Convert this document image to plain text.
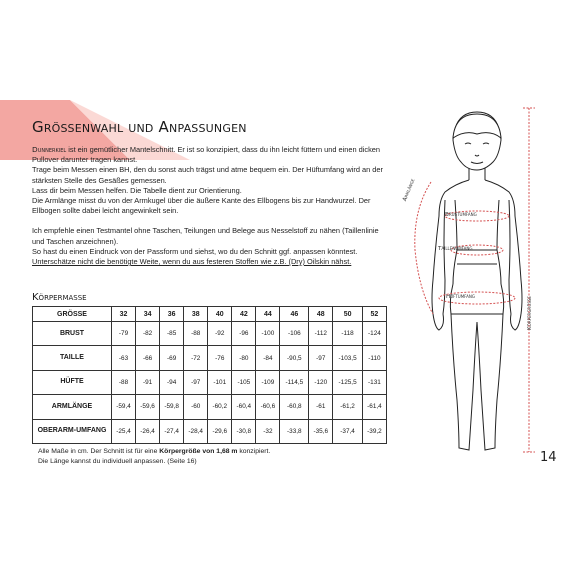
Größenwahl und Anpassungen

Dunnerkiel ist ein gemütlicher Mantelschnitt. Er ist so konzipiert, dass du ihn leicht füttern und einen dicken Pullover darunter tragen kannst.

Trage beim Messen einen BH, den du sonst auch trägst und atme bequem ein. Der Hüftumfang wird an der stärksten Stelle des Gesäßes gemessen.

Lass dir beim Messen helfen. Die Tabelle dient zur Orientierung.

Die Armlänge misst du von der Armkugel über die äußere Kante des Ellbogens bis zur Handwurzel. Der Ellbogen sollte dabei leicht angewinkelt sein.

Ich empfehle einen Testmantel ohne Taschen, Teilungen und Belege aus Nesselstoff zu nähen (Taillenlinie und Taschen anzeichnen).

So hast du einen Eindruck von der Passform und siehst, wo du den Schnitt ggf. anpassen könntest.

Unterschätze nicht die benötigte Weite, wenn du aus festeren Stoffen wie z.B. (Dry) Oilskin nähst.

Körpermaße
GRÖSSE	32	34	36	38	40	42	44	46	48	50	52
BRUST	-79	-82	-85	-88	-92	-96	-100	-106	-112	-118	-124
TAILLE	-63	-66	-69	-72	-76	-80	-84	-90,5	-97	-103,5	-110
HÜFTE	-88	-91	-94	-97	-101	-105	-109	-114,5	-120	-125,5	-131
ARMLÄNGE	-59,4	-59,6	-59,8	-60	-60,2	-60,4	-60,6	-60,8	-61	-61,2	-61,4
OBERARM-UMFANG	-25,4	-26,4	-27,4	-28,4	-29,6	-30,8	-32	-33,8	-35,6	-37,4	-39,2

Alle Maße in cm. Der Schnitt ist für eine Körpergröße von 1,68 m konzipiert.

Die Länge kannst du individuell anpassen. (Seite 16)

Armlänge
Brustumfang
Taillenumfang
Hüftumfang	Körpergröße
14
